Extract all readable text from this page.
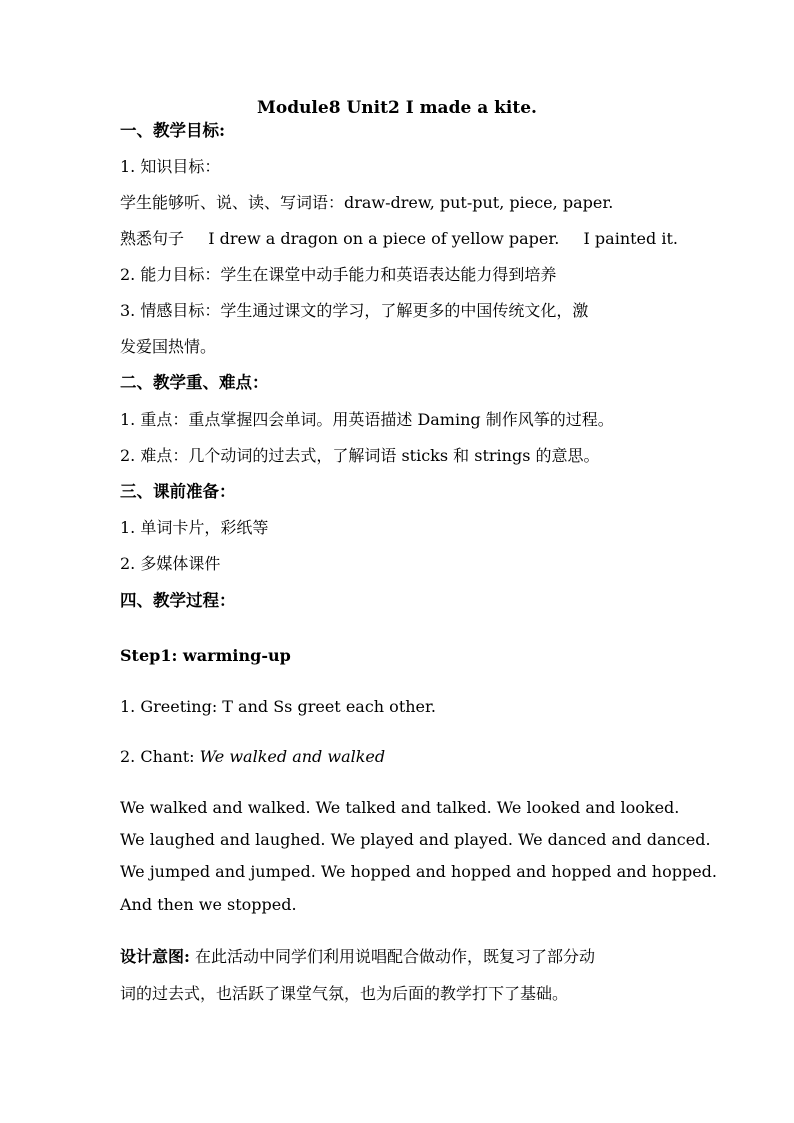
Module8 Unit2 I made a kite.
一、教学目标:
1. 知识目标：
学生能够听、说、读、写词语：draw-drew, put-put, piece, paper.
熟悉句子 I drew a dragon on a piece of yellow paper. I painted it.
2. 能力目标：学生在课堂中动手能力和英语表达能力得到培养
3. 情感目标：学生通过课文的学习，了解更多的中国传统文化，激
发爱国热情。
二、教学重、难点：
1. 重点：重点掌握四会单词。用英语描述 Daming 制作风筝的过程。
2. 难点：几个动词的过去式，了解词语 sticks 和 strings 的意思。
三、课前准备：
1. 单词卡片，彩纸等
2. 多媒体课件
四、教学过程：
Step1: warming-up
1. Greeting: T and Ss greet each other.
2. Chant: We walked and walked
We walked and walked. We talked and talked. We looked and looked.
We laughed and laughed. We played and played. We danced and danced.
We jumped and jumped. We hopped and hopped and hopped and hopped.
And then we stopped.
设计意图: 在此活动中同学们利用说唱配合做动作，既复习了部分动
词的过去式，也活跃了课堂气氛，也为后面的教学打下了基础。
